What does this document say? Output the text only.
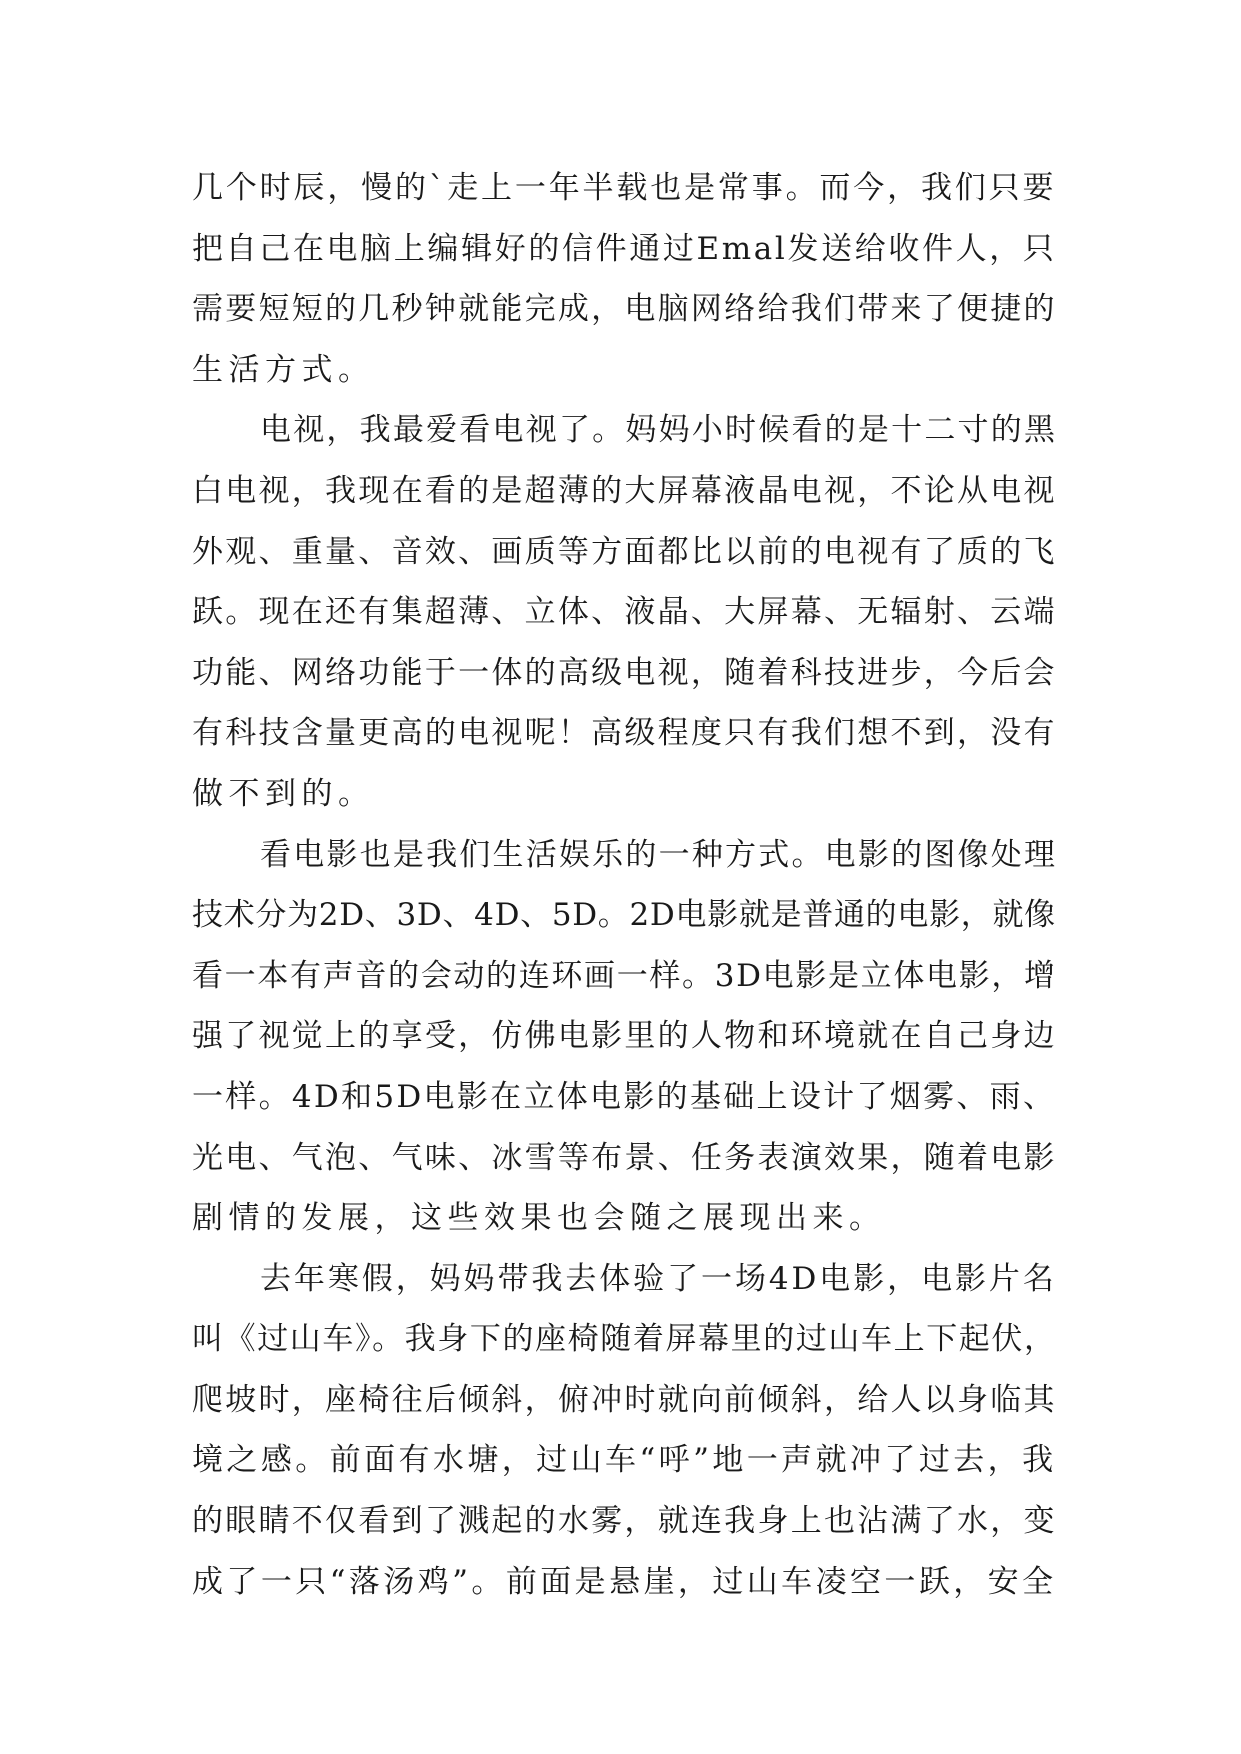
几个时辰，慢的`走上一年半载也是常事。而今，我们只要
把自己在电脑上编辑好的信件通过Emal发送给收件人，只
需要短短的几秒钟就能完成，电脑网络给我们带来了便捷的
生活方式。
电视，我最爱看电视了。妈妈小时候看的是十二寸的黑
白电视，我现在看的是超薄的大屏幕液晶电视，不论从电视
外观、重量、音效、画质等方面都比以前的电视有了质的飞
跃。现在还有集超薄、立体、液晶、大屏幕、无辐射、云端
功能、网络功能于一体的高级电视，随着科技进步，今后会
有科技含量更高的电视呢！高级程度只有我们想不到，没有
做不到的。
看电影也是我们生活娱乐的一种方式。电影的图像处理
技术分为2D、3D、4D、5D。2D电影就是普通的电影，就像
看一本有声音的会动的连环画一样。3D电影是立体电影，增
强了视觉上的享受，仿佛电影里的人物和环境就在自己身边
一样。4D和5D电影在立体电影的基础上设计了烟雾、雨、
光电、气泡、气味、冰雪等布景、任务表演效果，随着电影
剧情的发展，这些效果也会随之展现出来。
去年寒假，妈妈带我去体验了一场4D电影，电影片名
叫《过山车》。我身下的座椅随着屏幕里的过山车上下起伏，
爬坡时，座椅往后倾斜，俯冲时就向前倾斜，给人以身临其
境之感。前面有水塘，过山车“呼”地一声就冲了过去，我
的眼睛不仅看到了溅起的水雾，就连我身上也沾满了水，变
成了一只“落汤鸡”。前面是悬崖，过山车凌空一跃，安全
